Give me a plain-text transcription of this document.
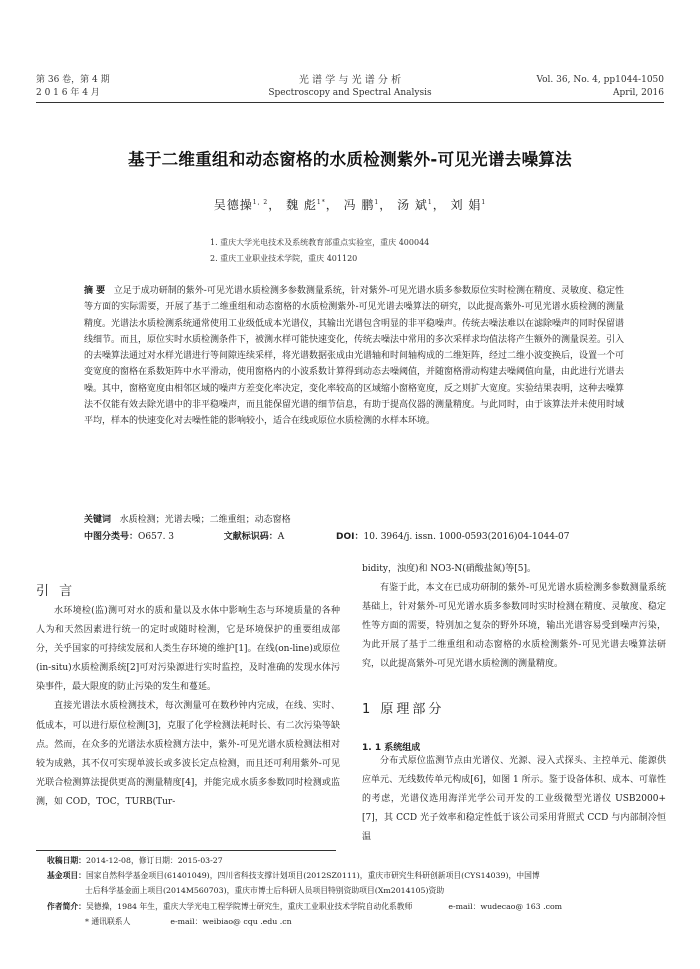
第 36 卷，第 4 期
2 0 1 6 年 4 月
光 谱 学 与 光 谱 分 析
Spectroscopy and Spectral Analysis
Vol. 36, No. 4, pp1044-1050
April, 2016
基于二维重组和动态窗格的水质检测紫外-可见光谱去噪算法
吴德操$^{1, 2}$， 魏 彪$^{1*}$， 冯 鹏$^1$， 汤 斌$^1$， 刘 娟$^1$
1. 重庆大学光电技术及系统教育部重点实验室，重庆 400044
2. 重庆工业职业技术学院，重庆 401120
摘 要 立足于成功研制的紫外-可见光谱水质检测多参数测量系统，针对紫外-可见光谱水质多参数原位实时检测在精度、灵敏度、稳定性等方面的实际需要，开展了基于二维重组和动态窗格的水质检测紫外-可见光谱去噪算法的研究，以此提高紫外-可见光谱水质检测的测量精度。光谱法水质检测系统通常使用工业级低成本光谱仪，其输出光谱包含明显的非平稳噪声。传统去噪法难以在滤除噪声的同时保留谱线细节。而且，原位实时水质检测条件下，被测水样可能快速变化，传统去噪法中常用的多次采样求均值法将产生额外的测量误差。引入的去噪算法通过对水样光谱进行等间隙连续采样，将光谱数据张成由光谱轴和时间轴构成的二维矩阵，经过二维小波变换后，设置一个可变宽度的窗格在系数矩阵中水平滑动，使用窗格内的小波系数计算得到动态去噪阈值，并随窗格滑动构建去噪阈值向量，由此进行光谱去噪。其中，窗格宽度由相邻区域的噪声方差变化率决定，变化率较高的区域缩小窗格宽度，反之则扩大宽度。实验结果表明，这种去噪算法不仅能有效去除光谱中的非平稳噪声，而且能保留光谱的细节信息，有助于提高仪器的测量精度。与此同时，由于该算法并未使用时域平均，样本的快速变化对去噪性能的影响较小，适合在线或原位水质检测的水样本环境。
关键词 水质检测；光谱去噪；二维重组；动态窗格
中图分类号：O657. 3	文献标识码：A	DOI：10. 3964/j. issn. 1000-0593(2016)04-1044-07
引 言

水环境检(监)测可对水的质和量以及水体中影响生态与环境质量的各种人为和天然因素进行统一的定时或随时检测，它是环境保护的重要组成部分，关乎国家的可持续发展和人类生存环境的维护[1]。在线(on-line)或原位(in-situ)水质检测系统[2]可对污染源进行实时监控，及时准确的发现水体污染事件，最大限度的防止污染的发生和蔓延。

直接光谱法水质检测技术，每次测量可在数秒钟内完成，在线、实时、低成本，可以进行原位检测[3]，克服了化学检测法耗时长、有二次污染等缺点。然而，在众多的光谱法水质检测方法中，紫外-可见光谱水质检测法相对较为成熟，其不仅可实现单波长或多波长定点检测，而且还可利用紫外-可见光联合检测算法提供更高的测量精度[4]，并能完成水质多参数同时检测或监测，如 COD，TOC，TURB(Tur-

bidity，浊度)和 NO3-N(硝酸盐氮)等[5]。

有鉴于此，本文在已成功研制的紫外-可见光谱水质检测多参数测量系统基础上，针对紫外-可见光谱水质多参数同时实时检测在精度、灵敏度、稳定性等方面的需要，特别加之复杂的野外环境，输出光谱容易受到噪声污染，为此开展了基于二维重组和动态窗格的水质检测紫外-可见光谱去噪算法研究，以此提高紫外-可见光谱水质检测的测量精度。

1 原理部分
1. 1 系统组成

分布式原位监测节点由光谱仪、光源、浸入式探头、主控单元、能源供应单元、无线数传单元构成[6]，如图 1 所示。鉴于设备体积、成本、可靠性的考虑，光谱仪选用海洋光学公司开发的工业级微型光谱仪 USB2000+[7]，其 CCD 光子效率和稳定性低于该公司采用背照式 CCD 与内部制冷恒温

收稿日期：2014-12-08，修订日期：2015-03-27
基金项目：国家自然科学基金项目(61401049)，四川省科技支撑计划项目(2012SZ0111)，重庆市研究生科研创新项目(CYS14039)，中国博
士后科学基金面上项目(2014M560703)，重庆市博士后科研人员项目特别资助项目(Xm2014105)资助
作者简介：吴德操，1984 年生，重庆大学光电工程学院博士研究生，重庆工业职业技术学院自动化系教师	e-mail：wudecao@ 163 .com
* 通讯联系人	e-mail：weibiao@ cqu .edu .cn
